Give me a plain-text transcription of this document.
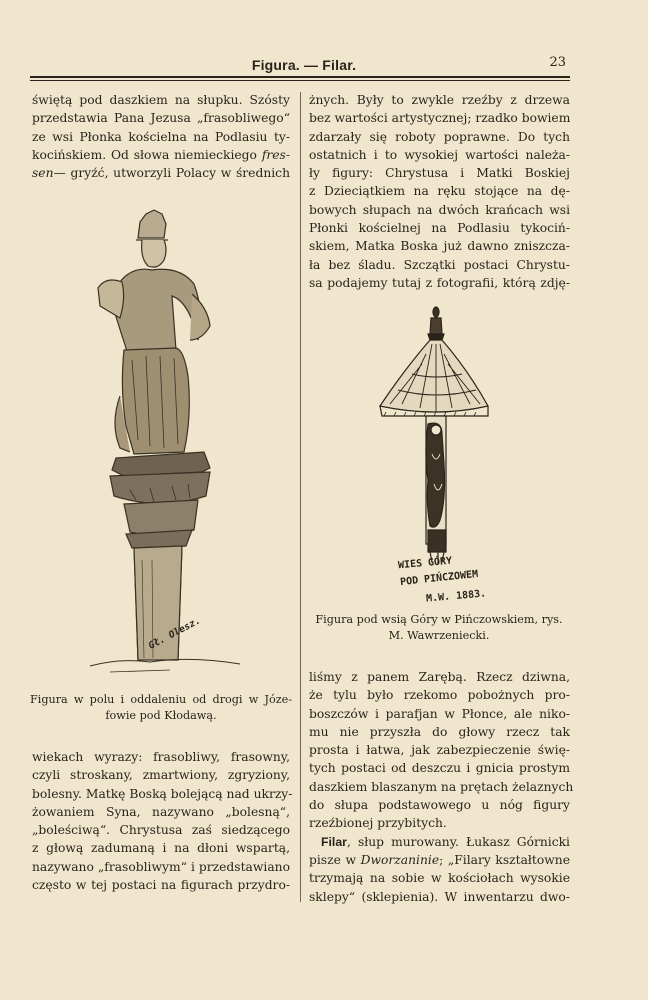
Figura. — Filar.	23
świętą pod daszkiem na słupku. Szósty
przedstawia Pana Jezusa „frasobliwego“
ze wsi Płonka kościelna na Podlasiu ty-
kocińskiem. Od słowa niemieckiego fres-
sen— gryźć, utworzyli Polacy w średnich
Gł. Olesz.
Figura w polu i oddaleniu od drogi w Józe-
fowie pod Kłodawą.
wiekach wyrazy: frasobliwy, frasowny,
czyli stroskany, zmartwiony, zgryziony,
bolesny. Matkę Boską bolejącą nad ukrzy-
żowaniem Syna, nazywano „bolesną“,
„boleściwą“. Chrystusa zaś siedzącego
z głową zadumaną i na dłoni wspartą,
nazywano „frasobliwym“ i przedstawiano
często w tej postaci na figurach przydro-
żnych. Były to zwykle rzeźby z drzewa
bez wartości artystycznej; rzadko bowiem
zdarzały się roboty poprawne. Do tych
ostatnich i to wysokiej wartości należa-
ły figury: Chrystusa i Matki Boskiej
z Dzieciątkiem na ręku stojące na dę-
bowych słupach na dwóch krańcach wsi
Płonki kościelnej na Podlasiu tykociń-
skiem, Matka Boska już dawno zniszcza-
ła bez śladu. Szczątki postaci Chrystu-
sa podajemy tutaj z fotografii, którą zdję-
WIES GÓRY
POD PIŃCZOWEM
M.W. 1883.
Figura pod wsią Góry w Pińczowskiem, rys.
M. Wawrzeniecki.
liśmy z panem Zarębą. Rzecz dziwna,
że tylu było rzekomo pobożnych pro-
boszczów i parafjan w Płonce, ale niko-
mu nie przyszła do głowy rzecz tak
prosta i łatwa, jak zabezpieczenie świę-
tych postaci od deszczu i gnicia prostym
daszkiem blaszanym na prętach żelaznych
do słupa podstawowego u nóg figury
rzeźbionej przybitych.
Filar, słup murowany. Łukasz Górnicki
pisze w Dworzaninie; „Filary kształtowne
trzymają na sobie w kościołach wysokie
sklepy“ (sklepienia). W inwentarzu dwo-
